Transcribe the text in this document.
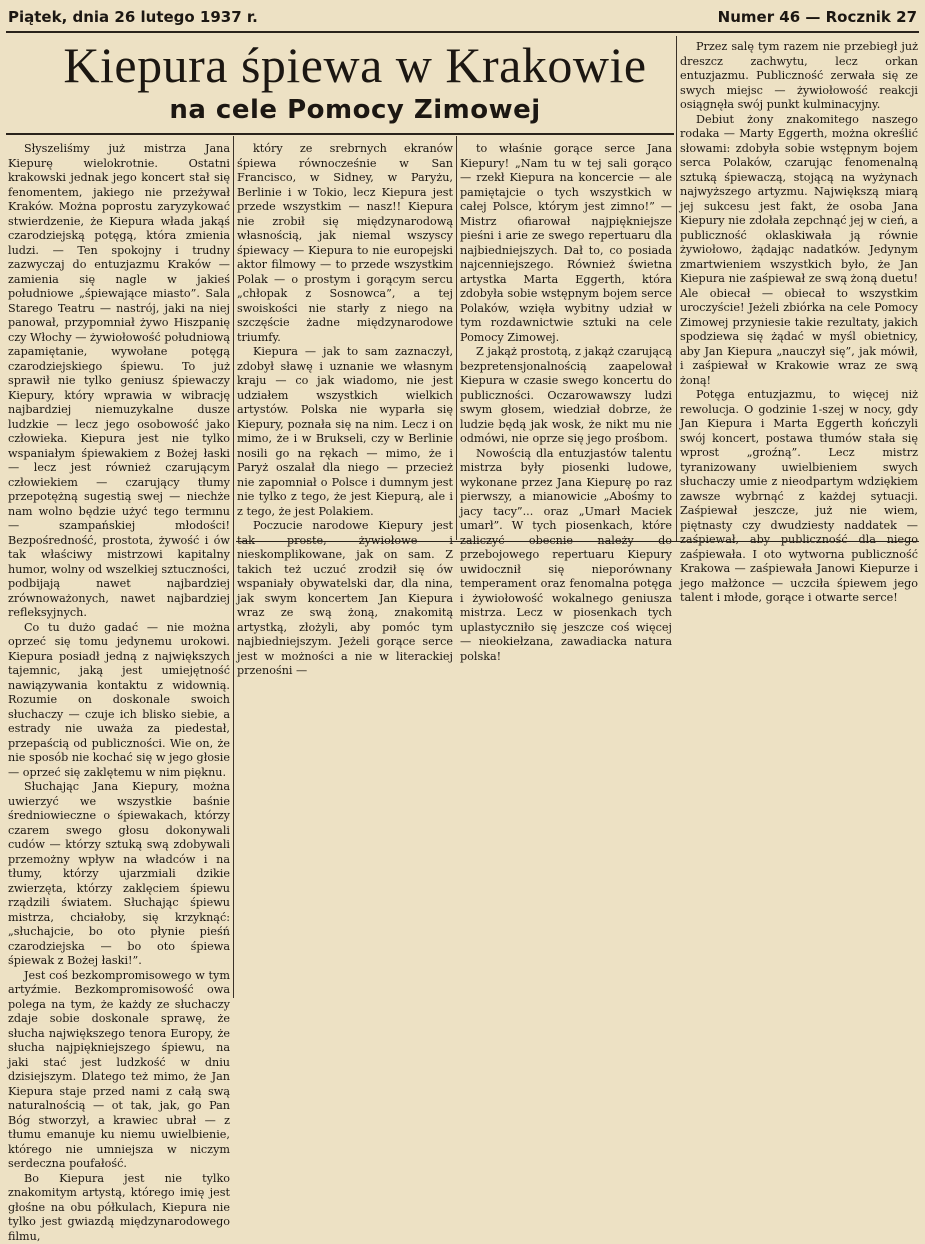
Piątek, dnia 26 lutego 1937 r.	Numer 46 — Rocznik 27
Kiepura śpiewa w Krakowie
na cele Pomocy Zimowej

Słyszeliśmy już mistrza Jana Kiepurę wielokrotnie. Ostatni krakowski jednak jego koncert stał się fenomentem, jakiego nie przeżywał Kraków. Można poprostu zaryzykować stwierdzenie, że Kiepura włada jakąś czarodziejską potęgą, która zmienia ludzi. — Ten spokojny i trudny zazwyczaj do entuzjazmu Kraków — zamienia się nagle w jakieś południowe „śpiewające miasto”. Sala Starego Teatru — nastrój, jaki na niej panował, przypomniał żywo Hiszpanię czy Włochy — żywiołowość południową zapamiętanie, wywołane potęgą czarodziejskiego śpiewu. To już sprawił nie tylko geniusz śpiewaczy Kiepury, który wprawia w wibrację najbardziej niemuzykalne dusze ludzkie — lecz jego osobowość jako człowieka. Kiepura jest nie tylko wspaniałym śpiewakiem z Bożej łaski — lecz jest również czarującym człowiekiem — czarujący tłumy przepotężną sugestią swej — niechże nam wolno będzie użyć tego termınu — szampańskiej młodości! Bezpośredność, prostota, żywość i ów tak właściwy mistrzowi kapitalny humor, wolny od wszelkiej sztuczności, podbijają nawet najbardziej zrównoważonych, nawet najbardziej refleksyjnych.

Co tu dużo gadać — nie można oprzeć się tomu jedynemu urokowi. Kiepura posiadł jedną z największych tajemnic, jaką jest umiejętność nawiązywania kontaktu z widownią. Rozumie on doskonale swoich słuchaczy — czuje ich blisko siebie, a estrady nie uważa za piedestał, przepaścią od publiczności. Wie on, że nie sposób nie kochać się w jego głosie — oprzeć się zaklętemu w nim pięknu.

Słuchając Jana Kiepury, można uwierzyć we wszystkie baśnie średniowieczne o śpiewakach, którzy czarem swego głosu dokonywali cudów — którzy sztuką swą zdobywali przemożny wpływ na władców i na tłumy, którzy ujarzmiali dzikie zwierzęta, którzy zaklęciem śpiewu rządzili światem. Słuchając śpiewu mistrza, chciałoby, się krzyknąć: „słuchajcie, bo oto płynie pieśń czarodziejska — bo oto śpiewa śpiewak z Bożej łaski!”.

Jest coś bezkompromisowego w tym artyźmie. Bezkompromisowość owa polega na tym, że każdy ze słuchaczy zdaje sobie doskonale sprawę, że słucha największego tenora Europy, że słucha najpiękniejszego śpiewu, na jaki stać jest ludzkość w dniu dzisiejszym. Dlatego też mimo, że Jan Kiepura staje przed nami z całą swą naturalnością — ot tak, jak, go Pan Bóg stworzył, a krawiec ubrał — z tłumu emanuje ku niemu uwielbienie, którego nie umniejsza w niczym serdeczna poufałość.

Bo Kiepura jest nie tylko znakomitym artystą, którego imię jest głośne na obu półkulach, Kiepura nie tylko jest gwiazdą międzynarodowego filmu,

który ze srebrnych ekranów śpiewa równocześnie w San Francisco, w Sidney, w Paryżu, Berlinie i w Tokio, lecz Kiepura jest przede wszystkim — nasz!! Kiepura nie zrobił się międzynarodową własnością, jak niemal wszyscy śpiewacy — Kiepura to nie europejski aktor filmowy — to przede wszystkim Polak — o prostym i gorącym sercu „chłopak z Sosnowca”, a tej swoiskości nie starły z niego na szczęście żadne międzynarodowe triumfy.

Kiepura — jak to sam zaznaczył, zdobył sławę i uznanie we własnym kraju — co jak wiadomo, nie jest udziałem wszystkich wielkich artystów. Polska nie wyparła się Kiepury, poznała się na nim. Lecz i on mimo, że i w Brukseli, czy w Berlinie nosili go na rękach — mimo, że i Paryż oszalał dla niego — przecież nie zapomniał o Polsce i dumnym jest nie tylko z tego, że jest Kiepurą, ale i z tego, że jest Polakiem.

Poczucie narodowe Kiepury jest tak proste, żywiołowe i nieskomplikowane, jak on sam. Z takich też uczuć zrodził się ów wspaniały obywatelski dar, dla nina, jak swym koncertem Jan Kiepura wraz ze swą żoną, znakomitą artystką, złożyli, aby pomóc tym najbiedniejszym. Jeżeli gorące serce jest w możności a nie w literackiej przenośni —

to właśnie gorące serce Jana Kiepury! „Nam tu w tej sali gorąco — rzekł Kiepura na koncercie — ale pamiętajcie o tych wszystkich w całej Polsce, którym jest zimno!” — Mistrz ofiarował najpiękniejsze pieśni i arie ze swego repertuaru dla najbiedniejszych. Dał to, co posiada najcenniejszego. Również świetna artystka Marta Eggerth, która zdobyła sobie wstępnym bojem serce Polaków, wzięła wybitny udział w tym rozdawnictwie sztuki na cele Pomocy Zimowej.

Z jakąż prostotą, z jakąż czarującą bezpretensjonalnością zaapelował Kiepura w czasie swego koncertu do publiczności. Oczarowawszy ludzi swym głosem, wiedział dobrze, że ludzie będą jak wosk, że nikt mu nie odmówi, nie oprze się jego prośbom.

Nowością dla entuzjastów talentu mistrza były piosenki ludowe, wykonane przez Jana Kiepurę po raz pierwszy, a mianowicie „Abośmy to jacy tacy”... oraz „Umarł Maciek umarł”. W tych piosenkach, które zaliczyć obecnie należy do przebojowego repertuaru Kiepury uwidocznił się nieporównany temperament oraz fenomalna potęga i żywiołowość wokalnego geniusza mistrza. Lecz w piosenkach tych uplastyczniło się jeszcze coś więcej — nieokiełzana, zawadiacka natura polska!

Przez salę tym razem nie przebiegł już dreszcz zachwytu, lecz orkan entuzjazmu. Publiczność zerwała się ze swych miejsc — żywiołowość reakcji osiągnęła swój punkt kulminacyjny.

Debiut żony znakomitego naszego rodaka — Marty Eggerth, można określić słowami: zdobyła sobie wstępnym bojem serca Polaków, czarując fenomenalną sztuką śpiewaczą, stojącą na wyżynach najwyższego artyzmu. Największą miarą jej sukcesu jest fakt, że osoba Jana Kiepury nie zdołała zepchnąć jej w cień, a publiczność oklaskiwała ją równie żywiołowo, żądając nadatków. Jedynym zmartwieniem wszystkich było, że Jan Kiepura nie zaśpiewał ze swą żoną duetu! Ale obiecał — obiecał to wszystkim uroczyście! Jeżeli zbiórka na cele Pomocy Zimowej przyniesie takie rezultaty, jakich spodziewa się żądać w myśl obietnicy, aby Jan Kiepura „nauczył się”, jak mówił, i zaśpiewał w Krakowie wraz ze swą żoną!

Potęga entuzjazmu, to więcej niż rewolucja. O godzinie 1-szej w nocy, gdy Jan Kiepura i Marta Eggerth kończyli swój koncert, postawa tłumów stała się wprost „groźną”. Lecz mistrz tyranizowany uwielbieniem swych słuchaczy umie z nieodpartym wdziękiem zawsze wybrnąć z każdej sytuacji. Zaśpiewał jeszcze, już nie wiem, piętnasty czy dwudziesty naddatek — zaśpiewał, aby publiczność dla niego zaśpiewała. I oto wytworna publiczność Krakowa — zaśpiewała Janowi Kiepurze i jego małżonce — uczciła śpiewem jego talent i młode, gorące i otwarte serce!
